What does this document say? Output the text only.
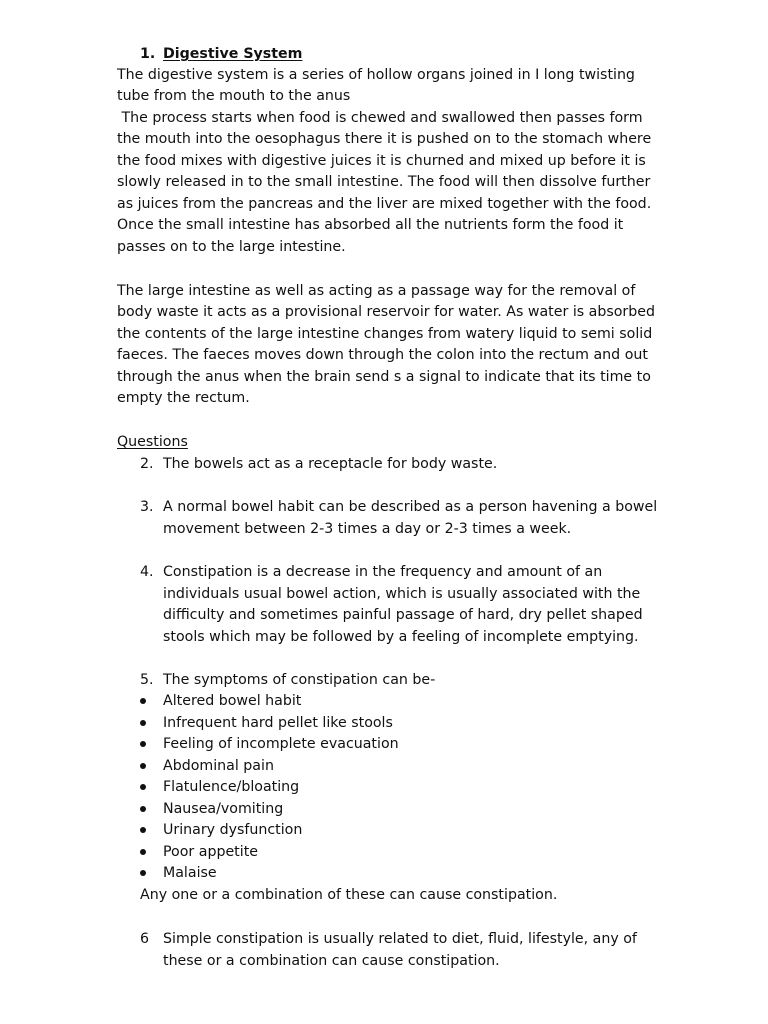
1. Digestive System
The digestive system is a series of hollow organs joined in I long twisting
tube from the mouth to the anus
The process starts when food is chewed and swallowed then passes form
the mouth into the oesophagus there it is pushed on to the stomach where
the food mixes with digestive juices it is churned and mixed up before it is
slowly released in to the small intestine. The food will then dissolve further
as juices from the pancreas and the liver are mixed together with the food.
Once the small intestine has absorbed all the nutrients form the food it
passes on to the large intestine.
The large intestine as well as acting as a passage way for the removal of
body waste it acts as a provisional reservoir for water. As water is absorbed
the contents of the large intestine changes from watery liquid to semi solid
faeces. The faeces moves down through the colon into the rectum and out
through the anus when the brain send s a signal to indicate that its time to
empty the rectum.
Questions
2. The bowels act as a receptacle for body waste.
3. A normal bowel habit can be described as a person havening a bowel
movement between 2-3 times a day or 2-3 times a week.
4. Constipation is a decrease in the frequency and amount of an
individuals usual bowel action, which is usually associated with the
difficulty and sometimes painful passage of hard, dry pellet shaped
stools which may be followed by a feeling of incomplete emptying.
5. The symptoms of constipation can be-
Altered bowel habit
Infrequent hard pellet like stools
Feeling of incomplete evacuation
Abdominal pain
Flatulence/bloating
Nausea/vomiting
Urinary dysfunction
Poor appetite
Malaise
Any one or a combination of these can cause constipation.
6 Simple constipation is usually related to diet, fluid, lifestyle, any of
these or a combination can cause constipation.
